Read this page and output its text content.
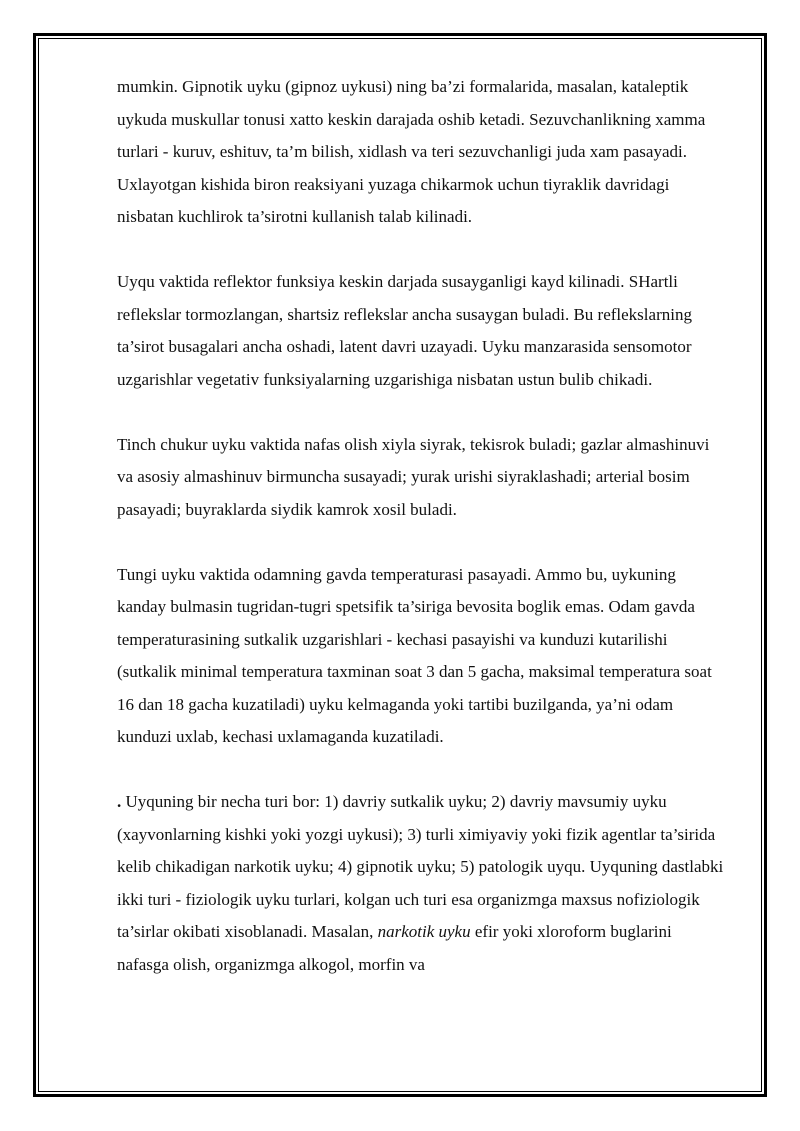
mumkin. Gipnotik uyku (gipnoz uykusi) ning ba’zi formalarida, masalan, kataleptik uykuda muskullar tonusi xatto keskin darajada oshib ketadi. Sezuvchanlikning xamma turlari - kuruv, eshituv, ta’m bilish, xidlash va teri sezuvchanligi juda xam pasayadi. Uxlayotgan kishida biron reaksiyani yuzaga chikarmok uchun tiyraklik davridagi nisbatan kuchlirok ta’sirotni kullanish talab kilinadi.

Uyqu vaktida reflektor funksiya keskin darjada susayganligi kayd kilinadi. SHartli reflekslar tormozlangan, shartsiz reflekslar ancha susaygan buladi. Bu reflekslarning ta’sirot busagalari ancha oshadi, latent davri uzayadi. Uyku manzarasida sensomotor uzgarishlar vegetativ funksiyalarning uzgarishiga nisbatan ustun bulib chikadi.

Tinch chukur uyku vaktida nafas olish xiyla siyrak, tekisrok buladi; gazlar almashinuvi va asosiy almashinuv birmuncha susayadi; yurak urishi siyraklashadi; arterial bosim pasayadi; buyraklarda siydik kamrok xosil buladi.

Tungi uyku vaktida odamning gavda temperaturasi pasayadi. Ammo bu, uykuning kanday bulmasin tugridan-tugri spetsifik ta’siriga bevosita boglik emas. Odam gavda temperaturasining sutkalik uzgarishlari - kechasi pasayishi va kunduzi kutarilishi (sutkalik minimal temperatura taxminan soat 3 dan 5 gacha, maksimal temperatura soat 16 dan 18 gacha kuzatiladi) uyku kelmaganda yoki tartibi buzilganda, ya’ni odam kunduzi uxlab, kechasi uxlamaganda kuzatiladi.

. Uyquning bir necha turi bor: 1) davriy sutkalik uyku; 2) davriy mavsumiy uyku (xayvonlarning kishki yoki yozgi uykusi); 3) turli ximiyaviy yoki fizik agentlar ta’sirida kelib chikadigan narkotik uyku; 4) gipnotik uyku; 5) patologik uyqu. Uyquning dastlabki ikki turi - fiziologik uyku turlari, kolgan uch turi esa organizmga maxsus nofiziologik ta’sirlar okibati xisoblanadi. Masalan, narkotik uyku efir yoki xloroform buglarini nafasga olish, organizmga alkogol, morfin va
